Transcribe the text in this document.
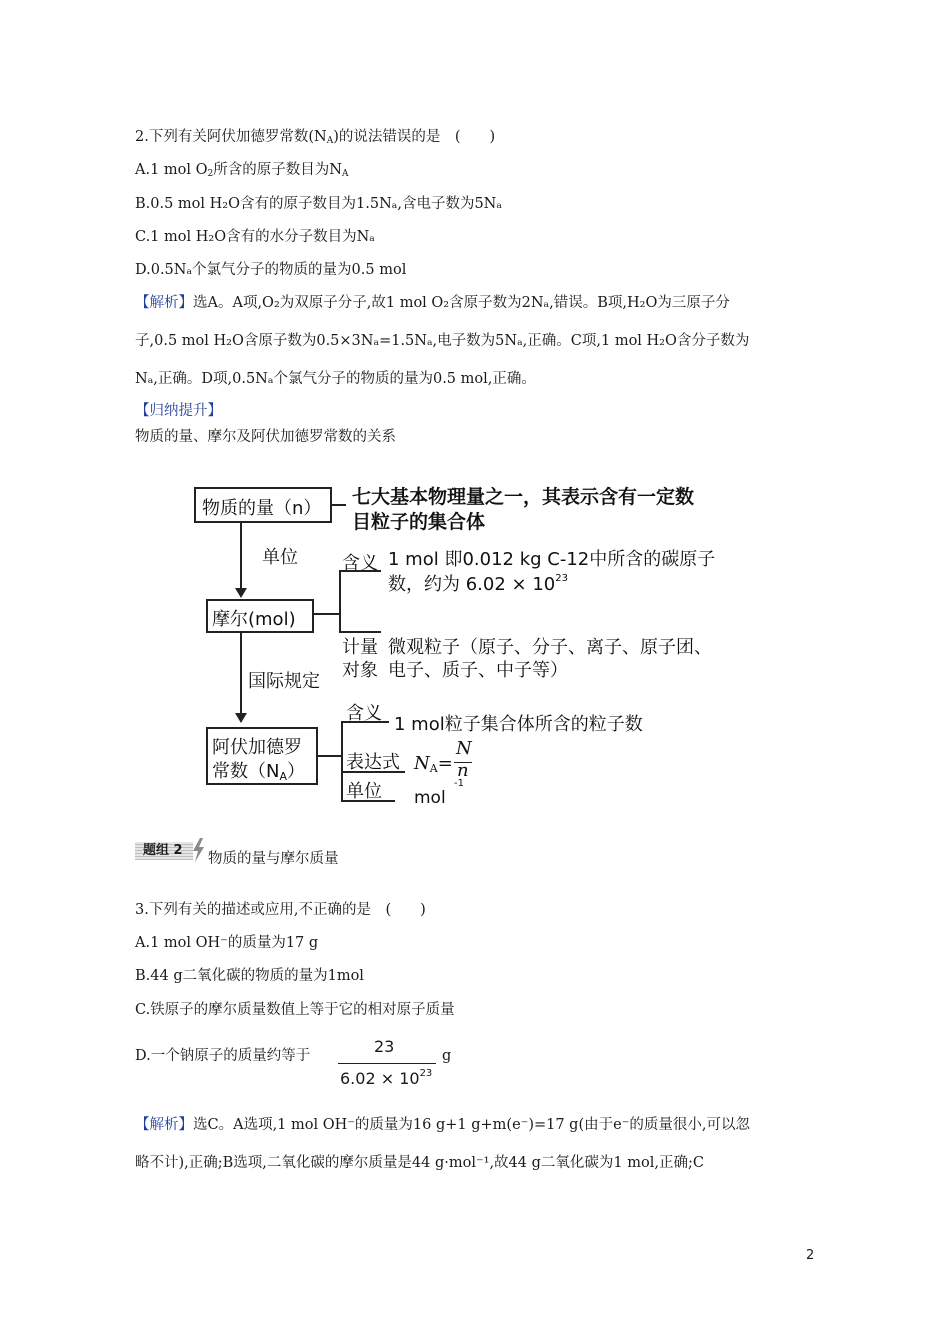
2.下列有关阿伏加德罗常数$(N_A)$的说法错误的是　(　　)
A.1 mol $O_2$所含的原子数目为$N_A$
B.0.5 mol H₂O含有的原子数目为1.5Nₐ,含电子数为5Nₐ
C.1 mol H₂O含有的水分子数目为Nₐ
D.0.5Nₐ个氯气分子的物质的量为0.5 mol
【解析】选A。A项,O₂为双原子分子,故1 mol O₂含原子数为2Nₐ,错误。B项,H₂O为三原子分
子,0.5 mol H₂O含原子数为0.5×3Nₐ=1.5Nₐ,电子数为5Nₐ,正确。C项,1 mol H₂O含分子数为
Nₐ,正确。D项,0.5Nₐ个氯气分子的物质的量为0.5 mol,正确。
【归纳提升】
物质的量、摩尔及阿伏加德罗常数的关系
物质的量（n）
七大基本物理量之一，其表示含有一定数
目粒子的集合体
单位
摩尔(mol)
含义 1 mol 即0.012 kg C-12中所含的碳原子
数，约为 $6.02 \times 10^{23}$
计量
对象
微观粒子（原子、分子、离子、原子团、
电子、质子、中子等）
国际规定
阿伏加德罗
常数（NA）
含义
1 mol粒子集合体所含的粒子数
表达式 NA=
N
n
单位 mol
-1
题组 2
物质的量与摩尔质量
3.下列有关的描述或应用,不正确的是　(　　)
A.1 mol OH⁻的质量为17 g
B.44 g二氧化碳的物质的量为1mol
C.铁原子的摩尔质量数值上等于它的相对原子质量
D.一个钠原子的质量约等于	23
$6.02 \times 10^{23}$
g
【解析】选C。A选项,1 mol OH⁻的质量为16 g+1 g+m(e⁻)=17 g(由于e⁻的质量很小,可以忽
略不计),正确;B选项,二氧化碳的摩尔质量是44 g·mol⁻¹,故44 g二氧化碳为1 mol,正确;C
2
